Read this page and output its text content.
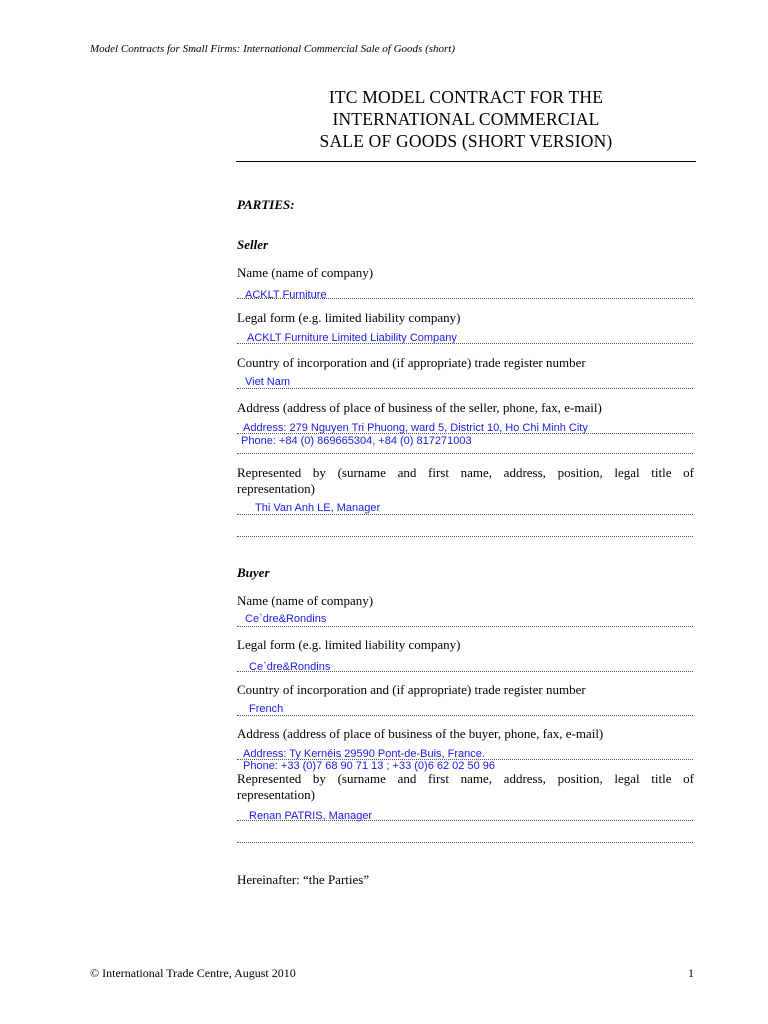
Model Contracts for Small Firms: International Commercial Sale of Goods (short)
ITC MODEL CONTRACT FOR THE
INTERNATIONAL COMMERCIAL
SALE OF GOODS (SHORT VERSION)
PARTIES:
Seller
Name (name of company)
ACKLT Furniture
Legal form (e.g. limited liability company)
ACKLT Furniture Limited Liability Company
Country of incorporation and (if appropriate) trade register number
Viet Nam
Address (address of place of business of the seller, phone, fax, e-mail)
Address: 279 Nguyen Tri Phuong, ward 5, District 10, Ho Chi Minh City
Phone: +84 (0) 869665304, +84 (0) 817271003
Represented by (surname and first name, address, position, legal title of
representation)
Thi Van Anh LE, Manager
Buyer
Name (name of company)
Ce`dre&Rondins
Legal form (e.g. limited liability company)
Ce`dre&Rondins
Country of incorporation and (if appropriate) trade register number
French
Address (address of place of business of the buyer, phone, fax, e-mail)
Address: Ty Kernéis 29590 Pont-de-Buis, France.
Phone: +33 (0)7 68 90 71 13 ; +33 (0)6 62 02 50 96
Represented by (surname and first name, address, position, legal title of
representation)
Renan PATRIS, Manager
Hereinafter: “the Parties”
© International Trade Centre, August 2010	1
